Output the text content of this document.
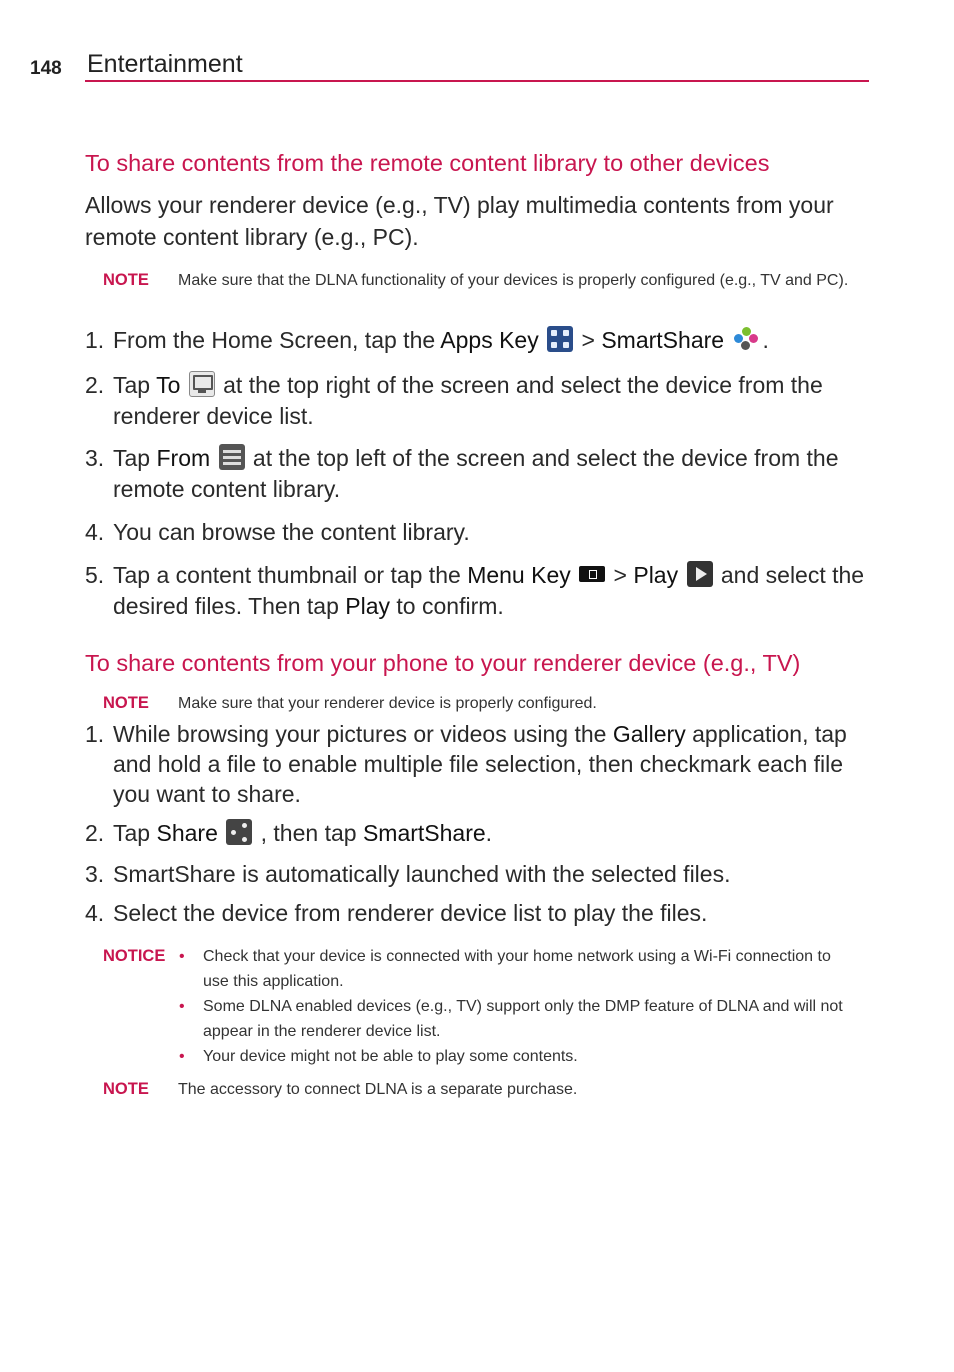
148 Entertainment
To share contents from the remote content library to other devices
Allows your renderer device (e.g., TV) play multimedia contents from your remote content library (e.g., PC).
NOTE Make sure that the DLNA functionality of your devices is properly configured (e.g., TV and PC).
1. From the Home Screen, tap the Apps Key
> SmartShare .
2. Tap To  at the top right of the screen and select the device from the renderer device list.
3. Tap From
at the top left of the screen and select the device from the remote content library.
4. You can browse the content library.
5. Tap a content thumbnail or tap the Menu Key  > Play  and select the desired files. Then tap Play to confirm.
To share contents from your phone to your renderer device (e.g., TV)
NOTE Make sure that your renderer device is properly configured.
1. While browsing your pictures or videos using the Gallery application, tap and hold a file to enable multiple file selection, then checkmark each file you want to share.
2. Tap Share
, then tap SmartShare.
3. SmartShare is automatically launched with the selected files.
4. Select the device from renderer device list to play the files.
NOTICE • Check that your device is connected with your home network using a Wi-Fi connection to use this application.
• Some DLNA enabled devices (e.g., TV) support only the DMP feature of DLNA and will not appear in the renderer device list.
• Your device might not be able to play some contents.
NOTE The accessory to connect DLNA is a separate purchase.
